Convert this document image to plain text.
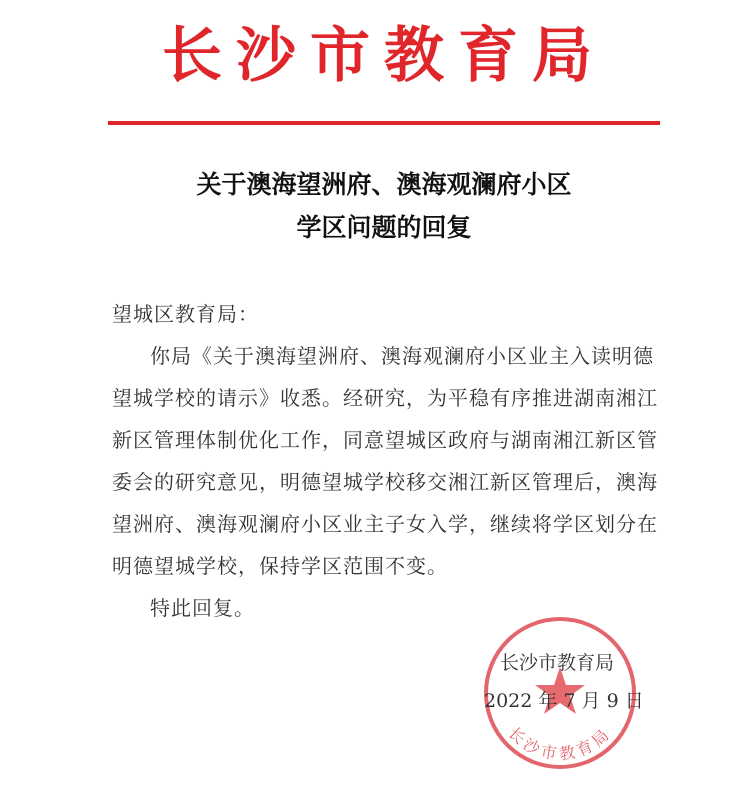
长沙市教育局
关于澳海望洲府、澳海观澜府小区
学区问题的回复
望城区教育局：
你局《关于澳海望洲府、澳海观澜府小区业主入读明德
望城学校的请示》收悉。经研究，为平稳有序推进湖南湘江
新区管理体制优化工作，同意望城区政府与湖南湘江新区管
委会的研究意见，明德望城学校移交湘江新区管理后，澳海
望洲府、澳海观澜府小区业主子女入学，继续将学区划分在
明德望城学校，保持学区范围不变。
特此回复。
长沙市教育局
长沙市教育局
2022 年 7 月 9 日
